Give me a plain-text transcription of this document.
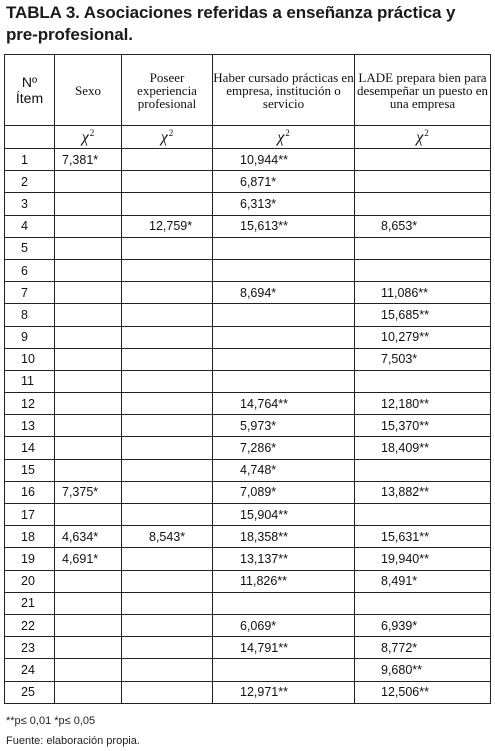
TABLA 3. Asociaciones referidas a enseñanza práctica y pre-profesional.
Nº Ítem	Sexo	Poseer experiencia profesional	Haber cursado prácticas en empresa, institución o servicio	LADE prepara bien para desempeñar un puesto en una empresa
	$\chi^2$	$\chi^2$	$\chi^2$	$\chi^2$
1	7,381*		10,944**	
2			6,871*	
3			6,313*	
4		12,759*	15,613**	8,653*
5				
6				
7			8,694*	11,086**
8				15,685**
9				10,279**
10				7,503*
11				
12			14,764**	12,180**
13			5,973*	15,370**
14			7,286*	18,409**
15			4,748*	
16	7,375*		7,089*	13,882**
17			15,904**	
18	4,634*	8,543*	18,358**	15,631**
19	4,691*		13,137**	19,940**
20			11,826**	8,491*
21				
22			6,069*	6,939*
23			14,791**	8,772*
24				9,680**
25			12,971**	12,506**
**p≤ 0,01 *p≤ 0,05
Fuente: elaboración propia.
